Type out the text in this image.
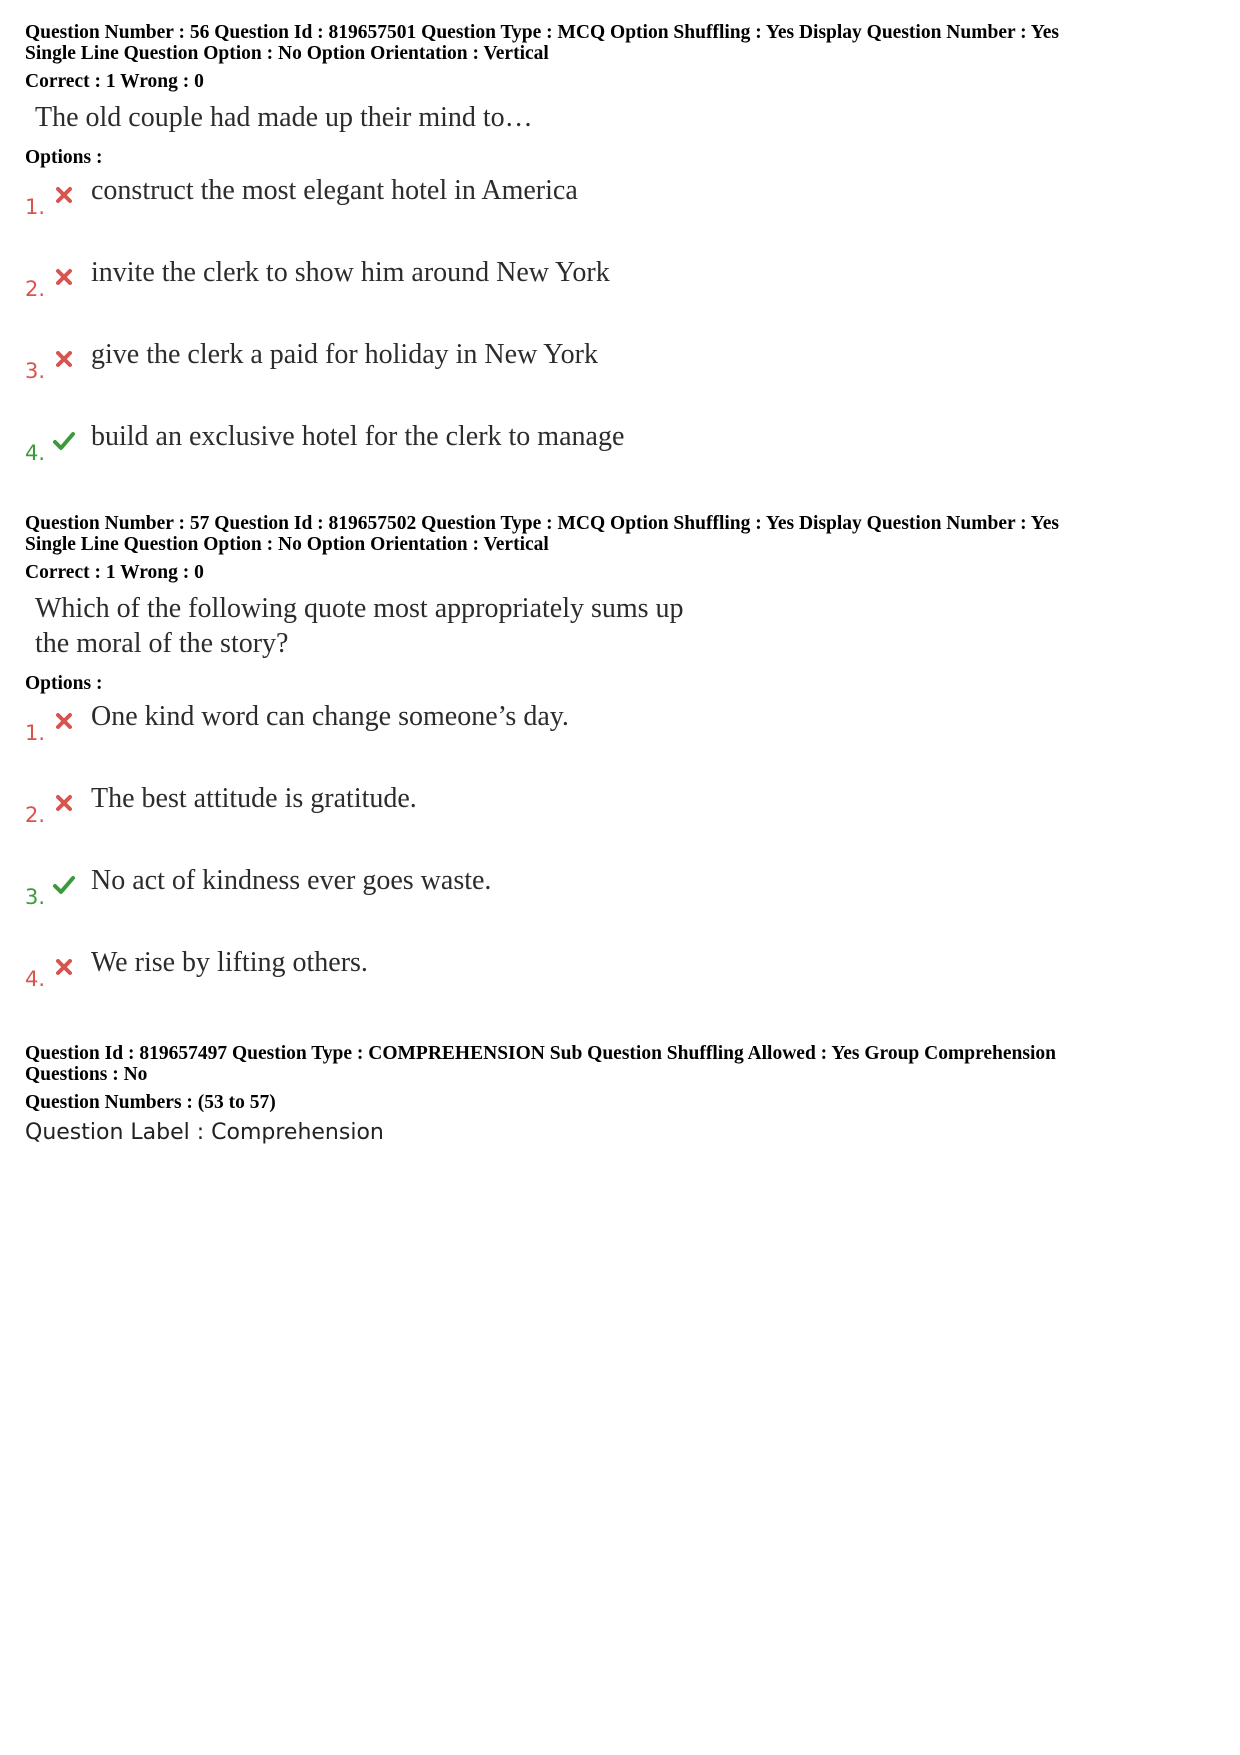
Question Number : 56 Question Id : 819657501 Question Type : MCQ Option Shuffling : Yes Display Question Number : Yes
Single Line Question Option : No Option Orientation : Vertical
Correct : 1 Wrong : 0
The old couple had made up their mind to…
Options :
1.
construct the most elegant hotel in America
2.
invite the clerk to show him around New York
3.
give the clerk a paid for holiday in New York
4.
build an exclusive hotel for the clerk to manage
Question Number : 57 Question Id : 819657502 Question Type : MCQ Option Shuffling : Yes Display Question Number : Yes
Single Line Question Option : No Option Orientation : Vertical
Correct : 1 Wrong : 0
Which of the following quote most appropriately sums up
the moral of the story?
Options :
1.
One kind word can change someone’s day.
2.
The best attitude is gratitude.
3.
No act of kindness ever goes waste.
4.
We rise by lifting others.
Question Id : 819657497 Question Type : COMPREHENSION Sub Question Shuffling Allowed : Yes Group Comprehension
Questions : No
Question Numbers : (53 to 57)
Question Label : Comprehension
